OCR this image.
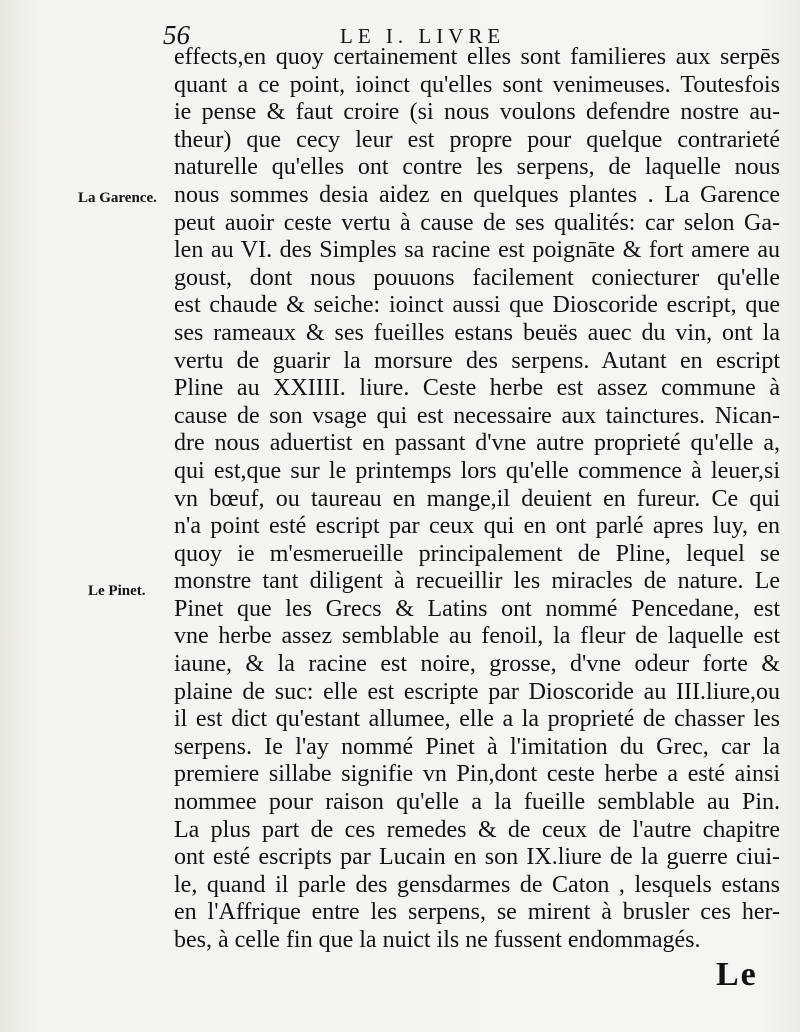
56	LE I. LIVRE
La Garence.
Le Pinet.
effects,en quoy certainement elles sont familieres aux serpēs
quant a ce point, ioinct qu'elles sont venimeuses. Toutesfois
ie pense & faut croire (si nous voulons defendre nostre au-
theur) que cecy leur est propre pour quelque contrarieté
naturelle qu'elles ont contre les serpens, de laquelle nous
nous sommes desia aidez en quelques plantes . La Garence
peut auoir ceste vertu à cause de ses qualités: car selon Ga-
len au VI. des Simples sa racine est poignāte & fort amere au
goust, dont nous pouuons facilement coniecturer qu'elle
est chaude & seiche: ioinct aussi que Dioscoride escript, que
ses rameaux & ses fueilles estans beuës auec du vin, ont la
vertu de guarir la morsure des serpens. Autant en escript
Pline au XXIIII. liure. Ceste herbe est assez commune à
cause de son vsage qui est necessaire aux tainctures. Nican-
dre nous aduertist en passant d'vne autre proprieté qu'elle a,
qui est,que sur le printemps lors qu'elle commence à leuer,si
vn bœuf, ou taureau en mange,il deuient en fureur. Ce qui
n'a point esté escript par ceux qui en ont parlé apres luy, en
quoy ie m'esmerueille principalement de Pline, lequel se
monstre tant diligent à recueillir les miracles de nature. Le
Pinet que les Grecs & Latins ont nommé Pencedane, est
vne herbe assez semblable au fenoil, la fleur de laquelle est
iaune, & la racine est noire, grosse, d'vne odeur forte &
plaine de suc: elle est escripte par Dioscoride au III.liure,ou
il est dict qu'estant allumee, elle a la proprieté de chasser les
serpens. Ie l'ay nommé Pinet à l'imitation du Grec, car la
premiere sillabe signifie vn Pin,dont ceste herbe a esté ainsi
nommee pour raison qu'elle a la fueille semblable au Pin.
La plus part de ces remedes & de ceux de l'autre chapitre
ont esté escripts par Lucain en son IX.liure de la guerre ciui-
le, quand il parle des gensdarmes de Caton , lesquels estans
en l'Affrique entre les serpens, se mirent à brusler ces her-
bes, à celle fin que la nuict ils ne fussent endommagés.
Le
